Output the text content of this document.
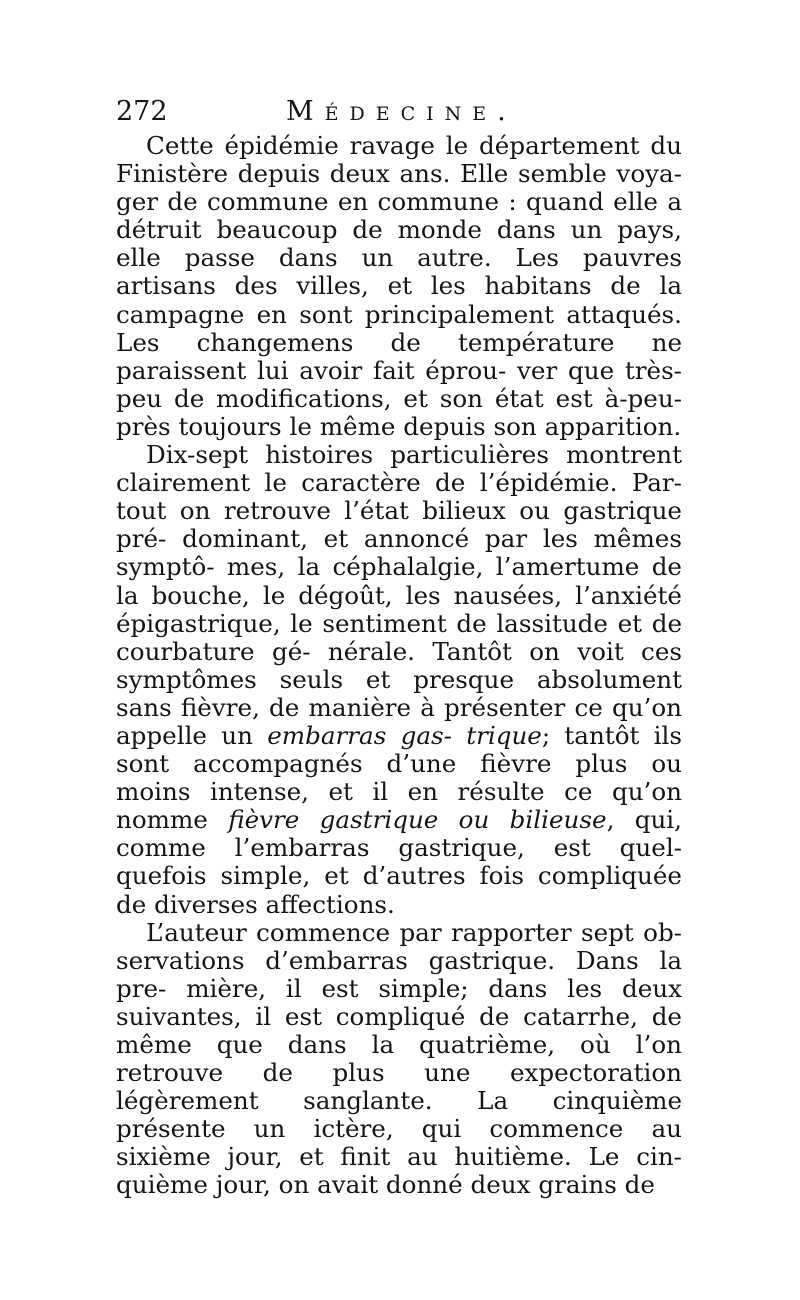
272	Médecine.

Cette épidémie ravage le département du Finistère depuis deux ans. Elle semble voya- ger de commune en commune : quand elle a détruit beaucoup de monde dans un pays, elle passe dans un autre. Les pauvres artisans des villes, et les habitans de la campagne en sont principalement attaqués. Les changemens de température ne paraissent lui avoir fait éprou- ver que très-peu de modifications, et son état est à-peu-près toujours le même depuis son apparition.

Dix-sept histoires particulières montrent clairement le caractère de l’épidémie. Par-tout on retrouve l’état bilieux ou gastrique pré- dominant, et annoncé par les mêmes symptô- mes, la céphalalgie, l’amertume de la bouche, le dégoût, les nausées, l’anxiété épigastrique, le sentiment de lassitude et de courbature gé- nérale. Tantôt on voit ces symptômes seuls et presque absolument sans fièvre, de manière à présenter ce qu’on appelle un embarras gas- trique; tantôt ils sont accompagnés d’une fièvre plus ou moins intense, et il en résulte ce qu’on nomme fièvre gastrique ou bilieuse, qui, comme l’embarras gastrique, est quel- quefois simple, et d’autres fois compliquée de diverses affections.

L’auteur commence par rapporter sept ob- servations d’embarras gastrique. Dans la pre- mière, il est simple; dans les deux suivantes, il est compliqué de catarrhe, de même que dans la quatrième, où l’on retrouve de plus une expectoration légèrement sanglante. La cinquième présente un ictère, qui commence au sixième jour, et finit au huitième. Le cin- quième jour, on avait donné deux grains de
